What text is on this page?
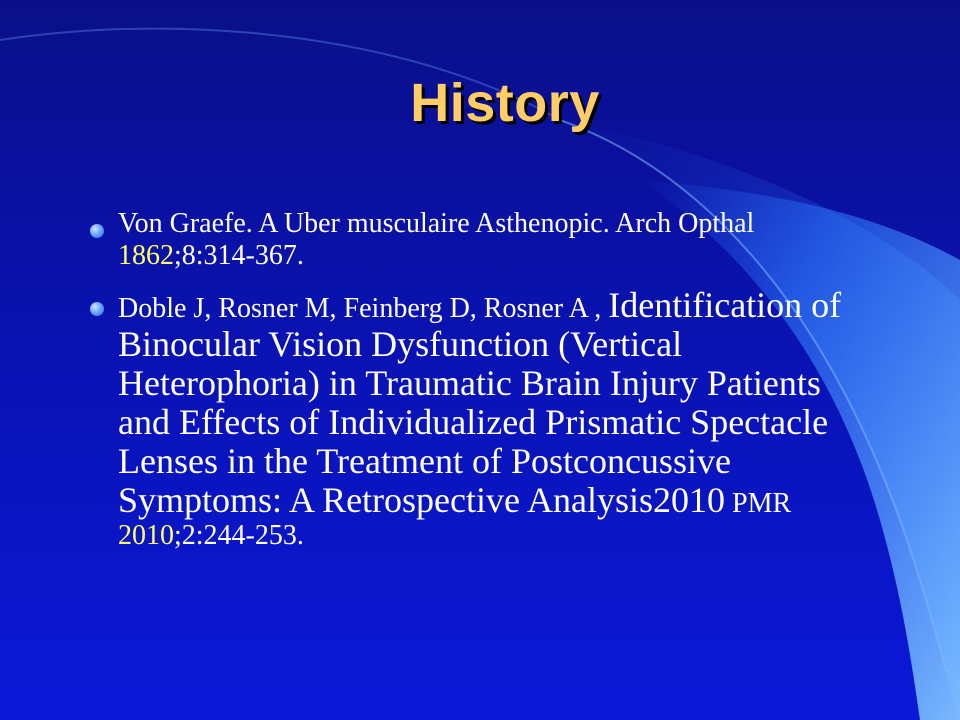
History
Von Graefe. A Uber musculaire Asthenopic. Arch Opthal 1862;8:314-367.
Doble J, Rosner M, Feinberg D, Rosner A , Identification of Binocular Vision Dysfunction (Vertical Heterophoria) in Traumatic Brain Injury Patients and Effects of Individualized Prismatic Spectacle Lenses in the Treatment of Postconcussive Symptoms: A Retrospective Analysis2010 PMR 2010;2:244-253.
